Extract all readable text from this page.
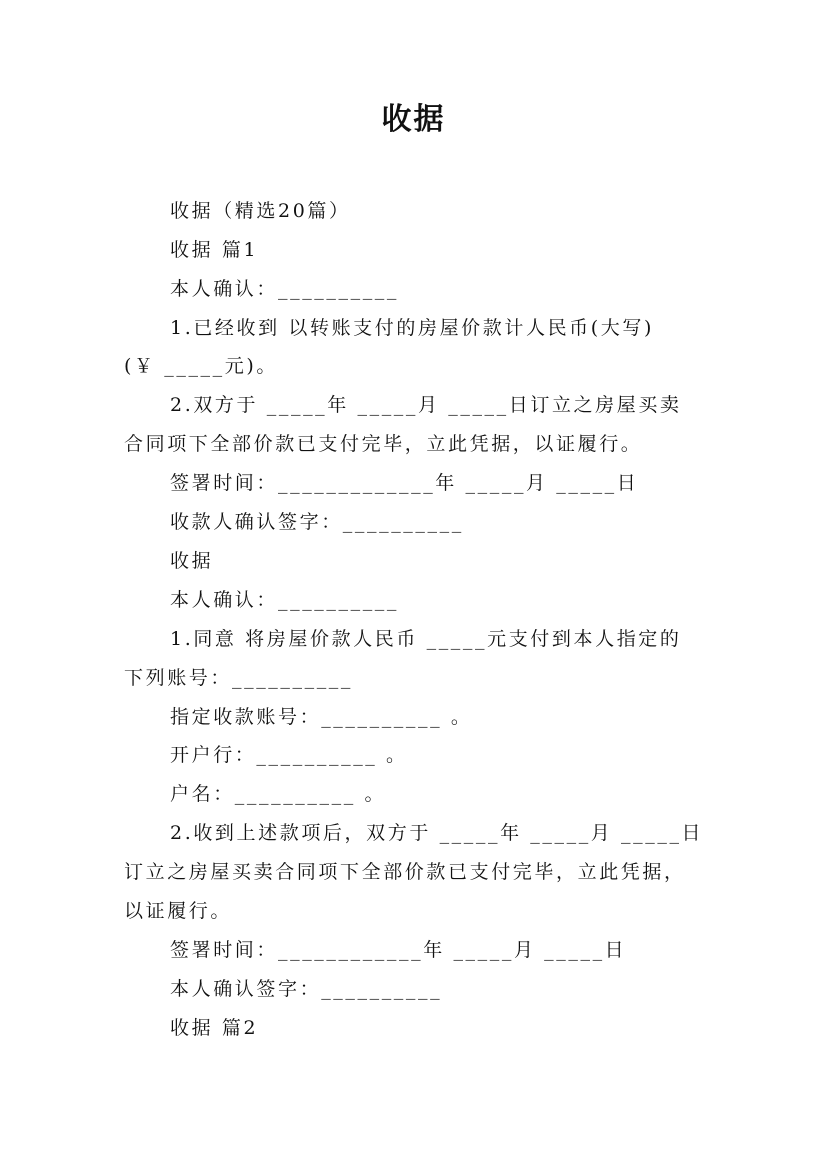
收据
收据（精选20篇）
收据 篇1
本人确认：__________
1.已经收到 以转账支付的房屋价款计人民币(大写)
(￥ _____元)。
2.双方于 _____年 _____月 _____日订立之房屋买卖
合同项下全部价款已支付完毕，立此凭据，以证履行。
签署时间：_____________年 _____月 _____日
收款人确认签字：__________
收据
本人确认：__________
1.同意 将房屋价款人民币 _____元支付到本人指定的
下列账号：__________
指定收款账号：__________ 。
开户行：__________ 。
户名：__________ 。
2.收到上述款项后，双方于 _____年 _____月 _____日
订立之房屋买卖合同项下全部价款已支付完毕，立此凭据，
以证履行。
签署时间：____________年 _____月 _____日
本人确认签字：__________
收据 篇2
